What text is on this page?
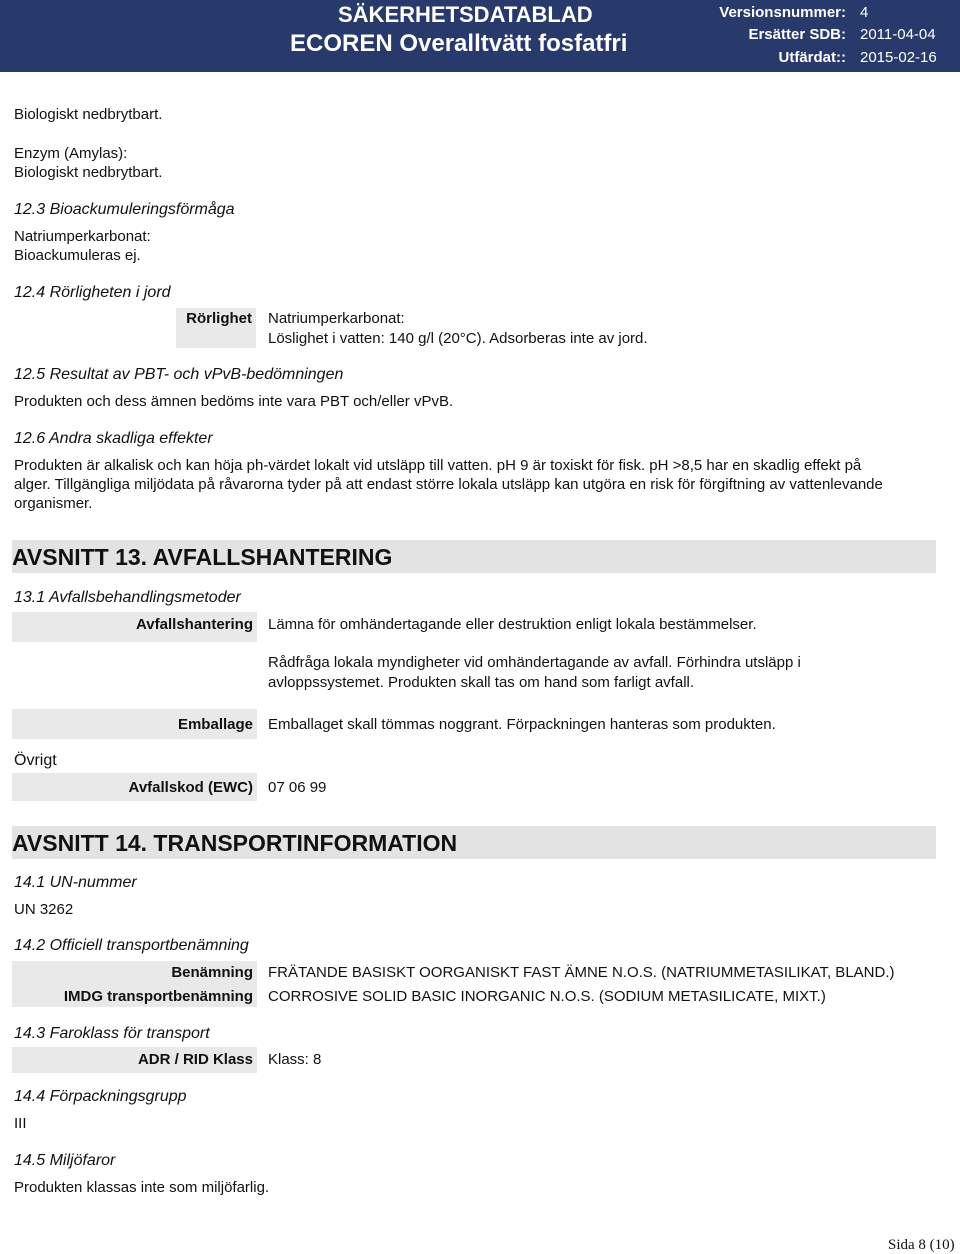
SÄKERHETSDATABLAD
ECOREN Overalltvätt fosfatfri
Versionsnummer: 4
Ersätter SDB: 2011-04-04
Utfärdat:: 2015-02-16
Biologiskt nedbrytbart.
Enzym (Amylas):
Biologiskt nedbrytbart.
12.3 Bioackumuleringsförmåga
Natriumperkarbonat:
Bioackumuleras ej.
12.4 Rörligheten i jord
Rörlighet Natriumperkarbonat:
Löslighet i vatten: 140 g/l (20°C). Adsorberas inte av jord.
12.5 Resultat av PBT- och vPvB-bedömningen
Produkten och dess ämnen bedöms inte vara PBT och/eller vPvB.
12.6 Andra skadliga effekter
Produkten är alkalisk och kan höja ph-värdet lokalt vid utsläpp till vatten. pH 9 är toxiskt för fisk. pH >8,5 har en skadlig effekt på
alger. Tillgängliga miljödata på råvarorna tyder på att endast större lokala utsläpp kan utgöra en risk för förgiftning av vattenlevande
organismer.
AVSNITT 13. AVFALLSHANTERING
13.1 Avfallsbehandlingsmetoder
Avfallshantering Lämna för omhändertagande eller destruktion enligt lokala bestämmelser.
Rådfråga lokala myndigheter vid omhändertagande av avfall. Förhindra utsläpp i
avloppssystemet. Produkten skall tas om hand som farligt avfall.
Emballage Emballaget skall tömmas noggrant. Förpackningen hanteras som produkten.
Övrigt
Avfallskod (EWC) 07 06 99
AVSNITT 14. TRANSPORTINFORMATION
14.1 UN-nummer
UN 3262
14.2 Officiell transportbenämning
Benämning FRÄTANDE BASISKT OORGANISKT FAST ÄMNE N.O.S. (NATRIUMMETASILIKAT, BLAND.)
IMDG transportbenämning CORROSIVE SOLID BASIC INORGANIC N.O.S. (SODIUM METASILICATE, MIXT.)
14.3 Faroklass för transport
ADR / RID Klass Klass: 8
14.4 Förpackningsgrupp
III
14.5 Miljöfaror
Produkten klassas inte som miljöfarlig.
Sida 8 (10)
